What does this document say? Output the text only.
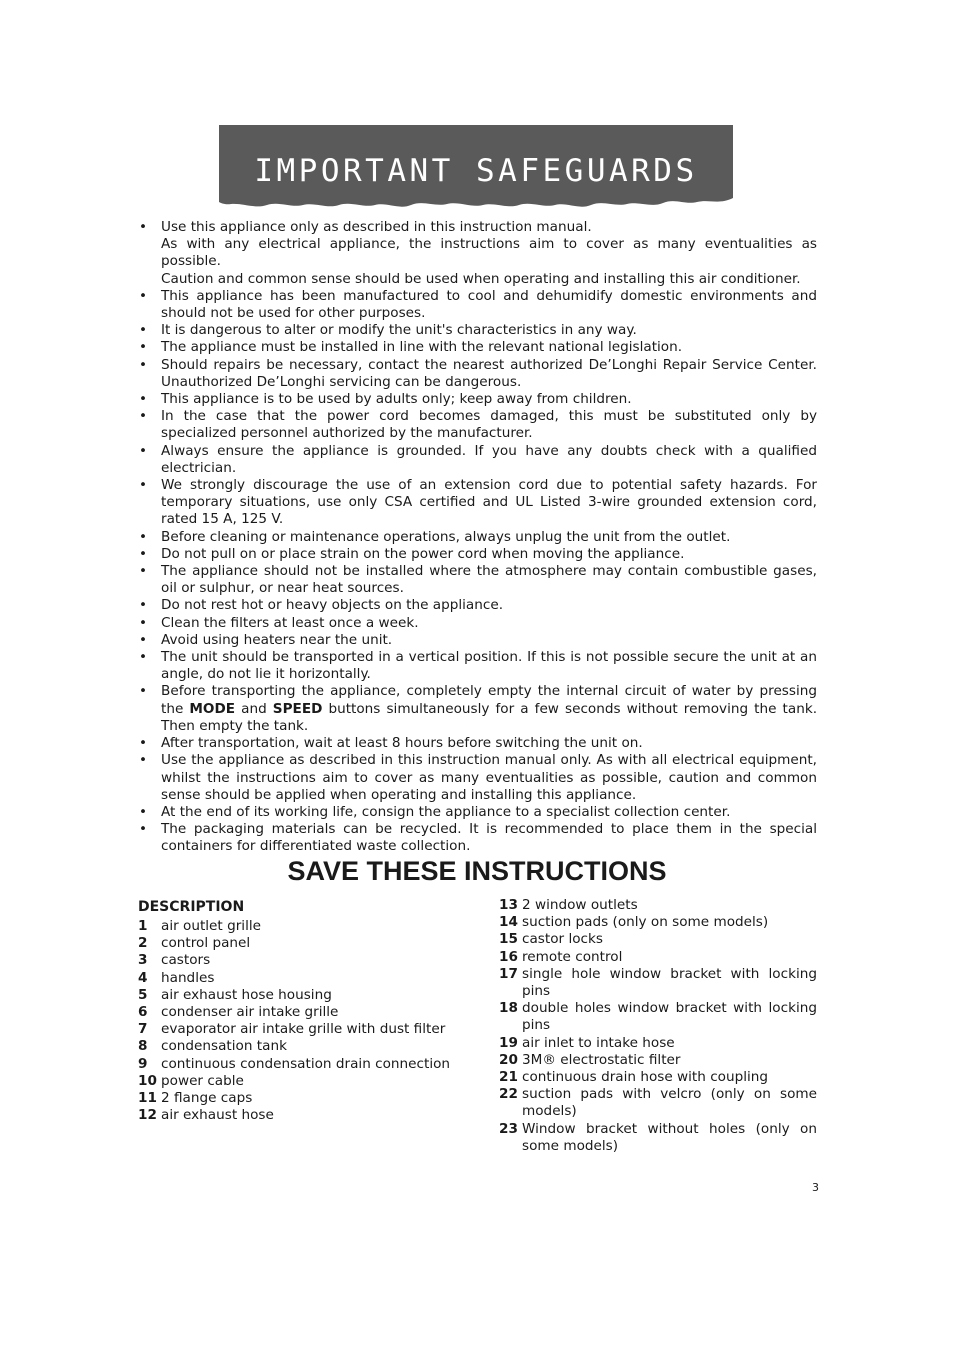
IMPORTANT SAFEGUARDS
• Use this appliance only as described in this instruction manual.

As with any electrical appliance, the instructions aim to cover as many eventualities as possible.

Caution and common sense should be used when operating and installing this air conditioner.

• This appliance has been manufactured to cool and dehumidify domestic environments and should not be used for other purposes.

• It is dangerous to alter or modify the unit's characteristics in any way.

• The appliance must be installed in line with the relevant national legislation.

• Should repairs be necessary, contact the nearest authorized De’Longhi Repair Service Center. Unauthorized De’Longhi servicing can be dangerous.

• This appliance is to be used by adults only; keep away from children.

• In the case that the power cord becomes damaged, this must be substituted only by specialized personnel authorized by the manufacturer.

• Always ensure the appliance is grounded. If you have any doubts check with a qualified electrician.

• We strongly discourage the use of an extension cord due to potential safety hazards. For temporary situations, use only CSA certified and UL Listed 3-wire grounded extension cord, rated 15 A, 125 V.

• Before cleaning or maintenance operations, always unplug the unit from the outlet.

• Do not pull on or place strain on the power cord when moving the appliance.

• The appliance should not be installed where the atmosphere may contain combustible gases, oil or sulphur, or near heat sources.

• Do not rest hot or heavy objects on the appliance.

• Clean the filters at least once a week.

• Avoid using heaters near the unit.

• The unit should be transported in a vertical position. If this is not possible secure the unit at an angle, do not lie it horizontally.

• Before transporting the appliance, completely empty the internal circuit of water by pressing the MODE and SPEED buttons simultaneously for a few seconds without removing the tank. Then empty the tank.

• After transportation, wait at least 8 hours before switching the unit on.

• Use the appliance as described in this instruction manual only. As with all electrical equipment, whilst the instructions aim to cover as many eventualities as possible, caution and common sense should be applied when operating and installing this appliance.

• At the end of its working life, consign the appliance to a specialist collection center.

• The packaging materials can be recycled. It is recommended to place them in the special containers for differentiated waste collection.

SAVE THESE INSTRUCTIONS
DESCRIPTION
1 air outlet grille
2 control panel
3 castors
4 handles
5 air exhaust hose housing
6 condenser air intake grille
7 evaporator air intake grille with dust filter
8 condensation tank
9 continuous condensation drain connection
10 power cable
11 2 flange caps
12 air exhaust hose
13 2 window outlets
14 suction pads (only on some models)
15 castor locks
16 remote control
17 single hole window bracket with locking pins
18 double holes window bracket with locking pins
19 air inlet to intake hose
20 3M® electrostatic filter
21 continuous drain hose with coupling
22 suction pads with velcro (only on some models)
23 Window bracket without holes (only on some models)
3
